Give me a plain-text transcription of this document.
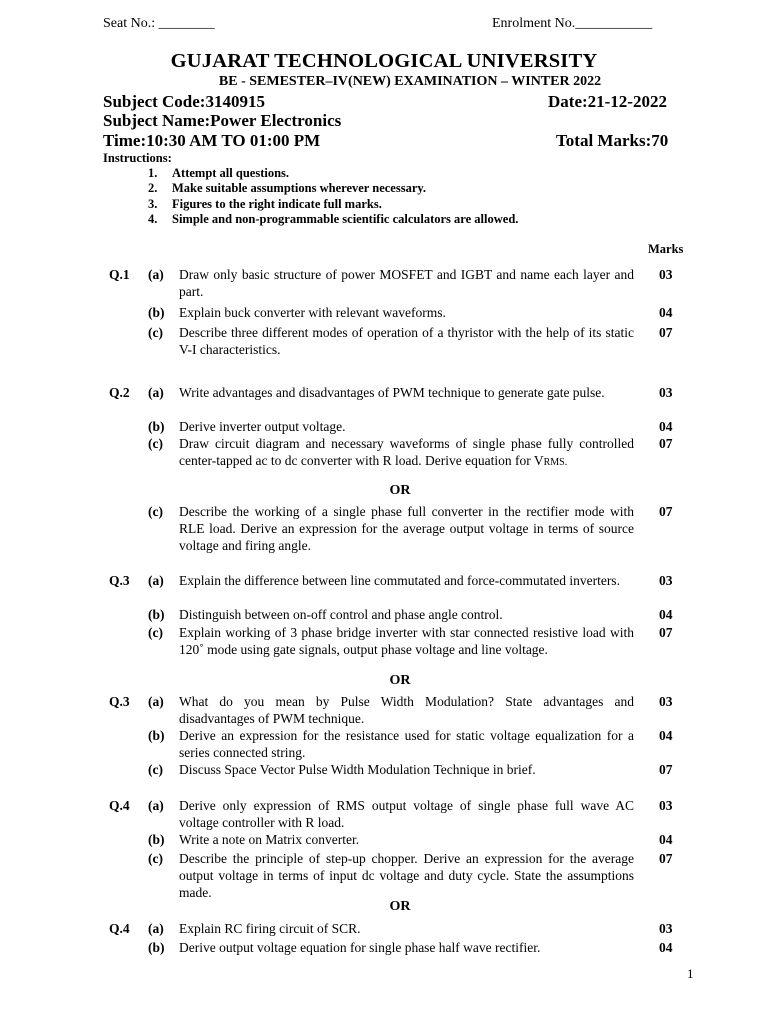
Seat No.: ________	Enrolment No.___________
GUJARAT TECHNOLOGICAL UNIVERSITY
BE - SEMESTER–IV(NEW) EXAMINATION – WINTER 2022
Subject Code:3140915	Date:21-12-2022
Subject Name:Power Electronics
Time:10:30 AM TO 01:00 PM	Total Marks:70
Instructions:
1. Attempt all questions.
2. Make suitable assumptions wherever necessary.
3. Figures to the right indicate full marks.
4. Simple and non-programmable scientific calculators are allowed.
Marks
Q.1 (a) Draw only basic structure of power MOSFET and IGBT and name each layer and part.
03
(b) Explain buck converter with relevant waveforms.	04
(c) Describe three different modes of operation of a thyristor with the help of its static V-I characteristics.
07
Q.2 (a) Write advantages and disadvantages of PWM technique to generate gate pulse.	03
(b) Derive inverter output voltage.	04
(c) Draw circuit diagram and necessary waveforms of single phase fully controlled center-tapped ac to dc converter with R load. Derive equation for VRMS.
07
OR
(c) Describe the working of a single phase full converter in the rectifier mode with RLE load. Derive an expression for the average output voltage in terms of source voltage and firing angle.
07
Q.3 (a) Explain the difference between line commutated and force-commutated inverters.	03
(b) Distinguish between on-off control and phase angle control.	04
(c) Explain working of 3 phase bridge inverter with star connected resistive load with 120˚ mode using gate signals, output phase voltage and line voltage.
07
OR
Q.3 (a) What do you mean by Pulse Width Modulation? State advantages and disadvantages of PWM technique.
03
(b) Derive an expression for the resistance used for static voltage equalization for a series connected string.
04
(c) Discuss Space Vector Pulse Width Modulation Technique in brief.	07
Q.4 (a) Derive only expression of RMS output voltage of single phase full wave AC voltage controller with R load.
03
(b) Write a note on Matrix converter.	04
(c) Describe the principle of step-up chopper. Derive an expression for the average output voltage in terms of input dc voltage and duty cycle. State the assumptions made.
07
OR
Q.4 (a) Explain RC firing circuit of SCR.	03
(b) Derive output voltage equation for single phase half wave rectifier.	04
1
